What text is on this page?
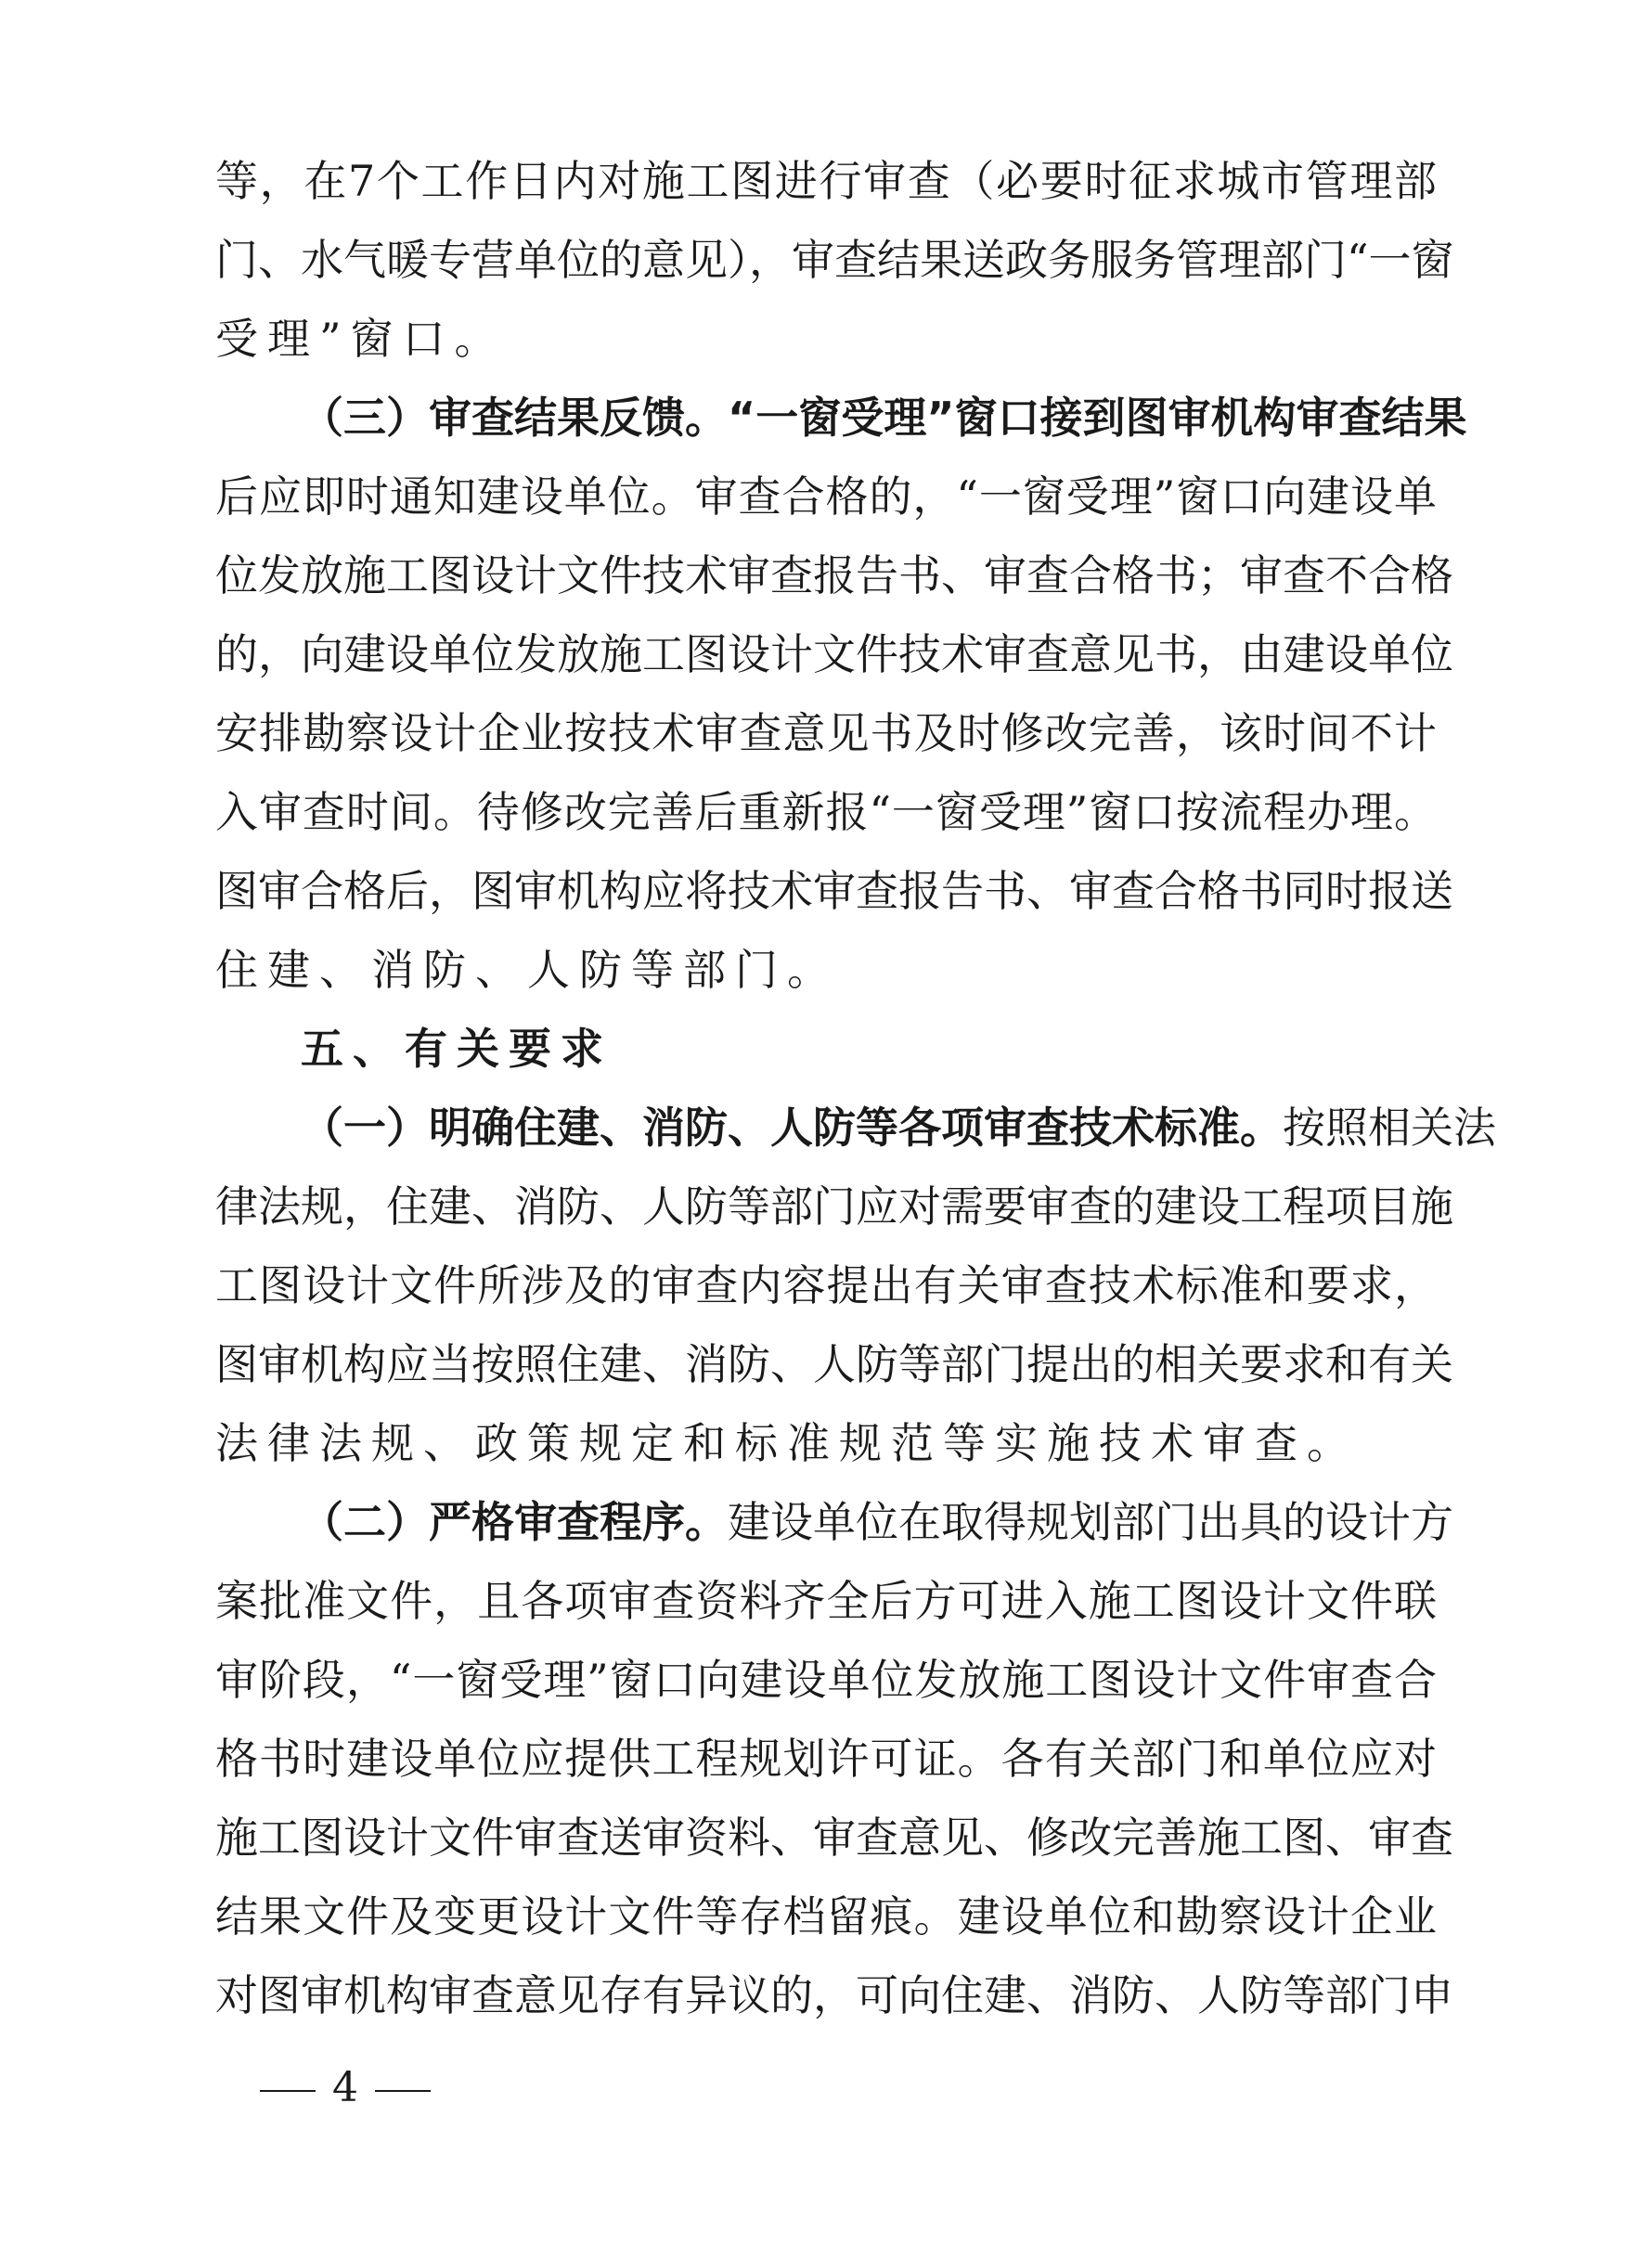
等，在7个工作日内对施工图进行审查（必要时征求城市管理部
门、水气暖专营单位的意见），审查结果送政务服务管理部门“一窗
受理”窗口。
（三）审查结果反馈。“一窗受理”窗口接到图审机构审查结果
后应即时通知建设单位。审查合格的，“一窗受理”窗口向建设单
位发放施工图设计文件技术审查报告书、审查合格书；审查不合格
的，向建设单位发放施工图设计文件技术审查意见书，由建设单位
安排勘察设计企业按技术审查意见书及时修改完善，该时间不计
入审查时间。待修改完善后重新报“一窗受理”窗口按流程办理。
图审合格后，图审机构应将技术审查报告书、审查合格书同时报送
住建、消防、人防等部门。
五、有关要求
（一）明确住建、消防、人防等各项审查技术标准。按照相关法
律法规，住建、消防、人防等部门应对需要审查的建设工程项目施
工图设计文件所涉及的审查内容提出有关审查技术标准和要求，
图审机构应当按照住建、消防、人防等部门提出的相关要求和有关
法律法规、政策规定和标准规范等实施技术审查。
（二）严格审查程序。建设单位在取得规划部门出具的设计方
案批准文件，且各项审查资料齐全后方可进入施工图设计文件联
审阶段，“一窗受理”窗口向建设单位发放施工图设计文件审查合
格书时建设单位应提供工程规划许可证。各有关部门和单位应对
施工图设计文件审查送审资料、审查意见、修改完善施工图、审查
结果文件及变更设计文件等存档留痕。建设单位和勘察设计企业
对图审机构审查意见存有异议的，可向住建、消防、人防等部门申
4
